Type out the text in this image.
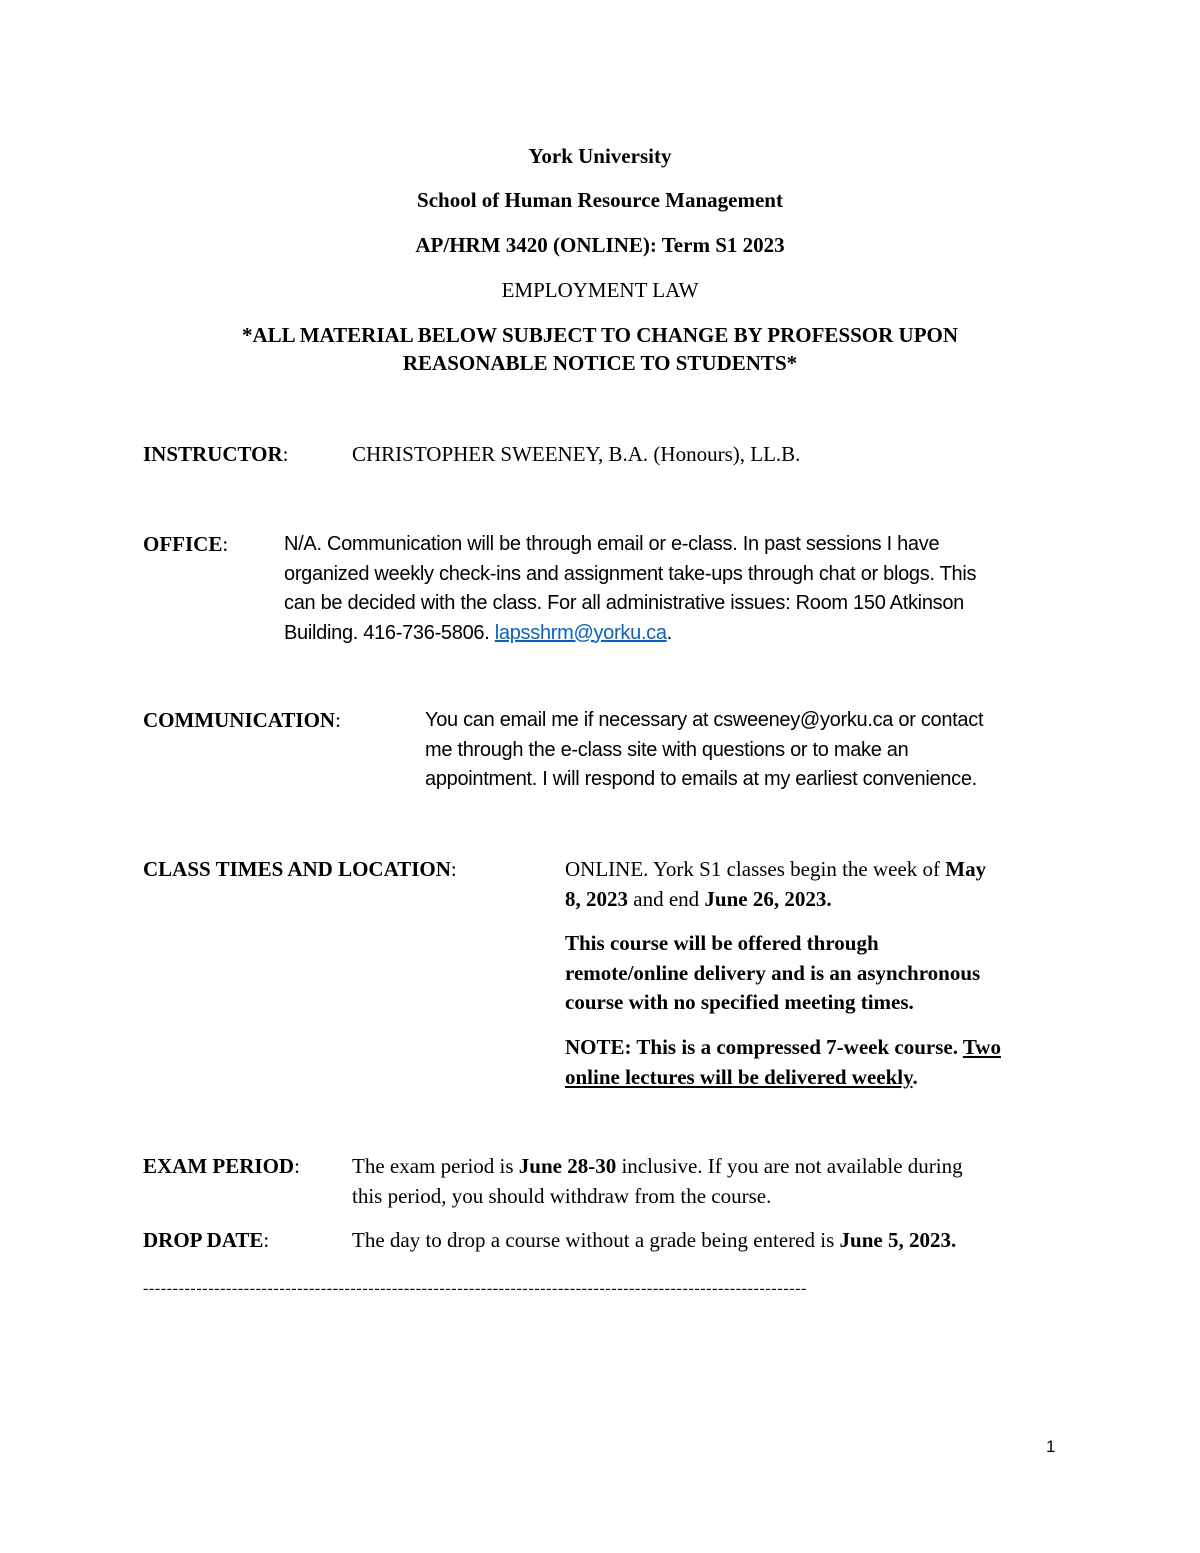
York University
School of Human Resource Management
AP/HRM 3420 (ONLINE): Term S1 2023
EMPLOYMENT LAW
*ALL MATERIAL BELOW SUBJECT TO CHANGE BY PROFESSOR UPON
REASONABLE NOTICE TO STUDENTS*
INSTRUCTOR:	CHRISTOPHER SWEENEY, B.A. (Honours), LL.B.
OFFICE:	N/A. Communication will be through email or e-class. In past sessions I have
organized weekly check-ins and assignment take-ups through chat or blogs. This
can be decided with the class. For all administrative issues: Room 150 Atkinson
Building. 416-736-5806. lapsshrm@yorku.ca.
COMMUNICATION:	You can email me if necessary at csweeney@yorku.ca or contact
me through the e-class site with questions or to make an
appointment. I will respond to emails at my earliest convenience.
CLASS TIMES AND LOCATION:	ONLINE. York S1 classes begin the week of May
8, 2023 and end June 26, 2023.
This course will be offered through
remote/online delivery and is an asynchronous
course with no specified meeting times.
NOTE: This is a compressed 7-week course. Two
online lectures will be delivered weekly.
EXAM PERIOD: The exam period is June 28-30 inclusive. If you are not available during
this period, you should withdraw from the course.
DROP DATE:	The day to drop a course without a grade being entered is June 5, 2023.
----------------------------------------------------------------------------------------------------------------
1
